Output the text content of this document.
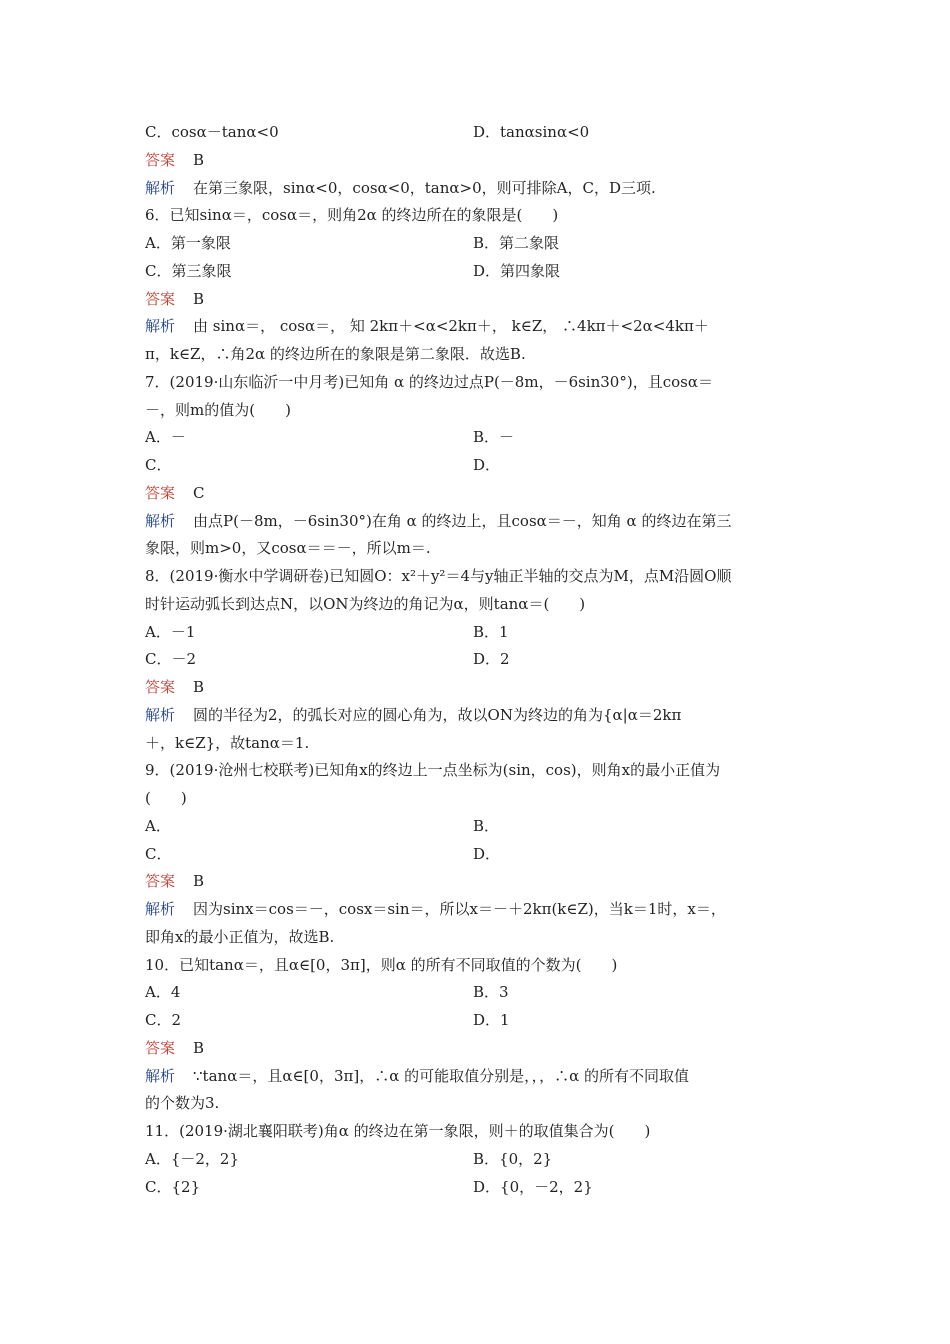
C．cosα－tanα<0	D．tanαsinα<0
答案 B
解析 在第三象限，sinα<0，cosα<0，tanα>0，则可排除A，C，D三项.
6．已知sinα＝，cosα＝，则角2α 的终边所在的象限是(　　)
A．第一象限	B．第二象限
C．第三象限	D．第四象限
答案 B
解析 由 sinα＝， cosα＝， 知 2kπ＋<α<2kπ＋， k∈Z， ∴4kπ＋<2α<4kπ＋
π，k∈Z，∴角2α 的终边所在的象限是第二象限．故选B.
7．(2019·山东临沂一中月考)已知角 α 的终边过点P(－8m，－6sin30°)，且cosα＝
－，则m的值为(　　)
A．－	B．－
C．	D．
答案 C
解析 由点P(－8m，－6sin30°)在角 α 的终边上，且cosα＝－，知角 α 的终边在第三
象限，则m>0，又cosα＝＝－，所以m＝.
8．(2019·衡水中学调研卷)已知圆O：x²＋y²＝4与y轴正半轴的交点为M，点M沿圆O顺
时针运动弧长到达点N，以ON为终边的角记为α，则tanα＝(　　)
A．－1	B．1
C．－2	D．2
答案 B
解析 圆的半径为2，的弧长对应的圆心角为，故以ON为终边的角为{α|α＝2kπ
＋，k∈Z}，故tanα＝1.
9．(2019·沧州七校联考)已知角x的终边上一点坐标为(sin，cos)，则角x的最小正值为
(　　)
A．	B．
C．	D．
答案 B
解析 因为sinx＝cos＝－，cosx＝sin＝，所以x＝－＋2kπ(k∈Z)，当k＝1时，x＝，
即角x的最小正值为，故选B.
10．已知tanα＝，且α∈[0，3π]，则α 的所有不同取值的个数为(　　)
A．4	B．3
C．2	D．1
答案 B
解析 ∵tanα＝，且α∈[0，3π]，∴α 的可能取值分别是，，，∴α 的所有不同取值
的个数为3.
11．(2019·湖北襄阳联考)角α 的终边在第一象限，则＋的取值集合为(　　)
A．{－2，2}	B．{0，2}
C．{2}	D．{0，－2，2}
